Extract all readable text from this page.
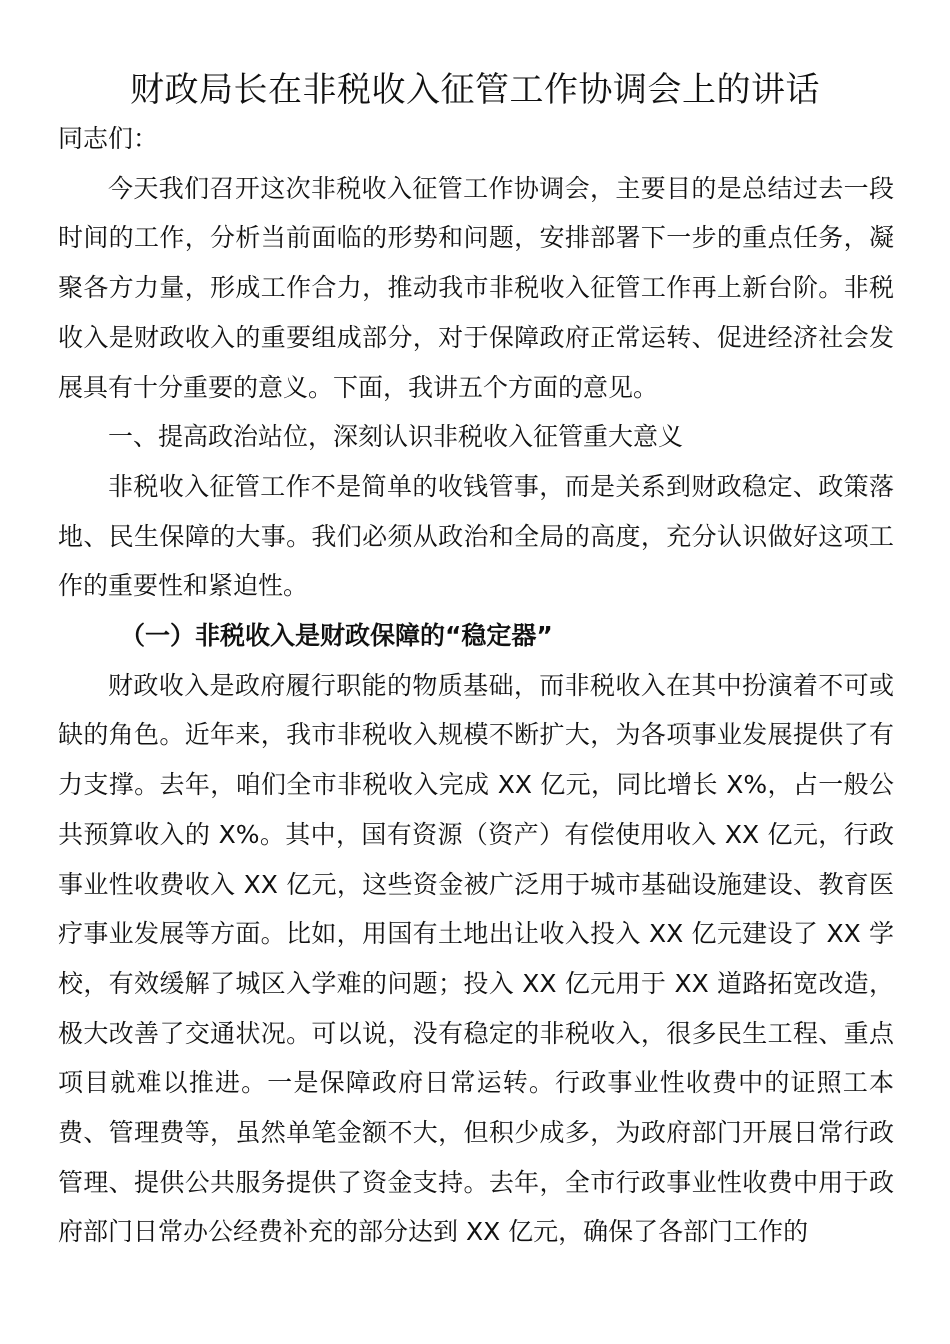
财政局长在非税收入征管工作协调会上的讲话

同志们：

今天我们召开这次非税收入征管工作协调会，主要目的是总结过去一段时间的工作，分析当前面临的形势和问题，安排部署下一步的重点任务，凝聚各方力量，形成工作合力，推动我市非税收入征管工作再上新台阶。非税收入是财政收入的重要组成部分，对于保障政府正常运转、促进经济社会发展具有十分重要的意义。下面，我讲五个方面的意见。

一、提高政治站位，深刻认识非税收入征管重大意义

非税收入征管工作不是简单的收钱管事，而是关系到财政稳定、政策落地、民生保障的大事。我们必须从政治和全局的高度，充分认识做好这项工作的重要性和紧迫性。

（一）非税收入是财政保障的“稳定器”

财政收入是政府履行职能的物质基础，而非税收入在其中扮演着不可或缺的角色。近年来，我市非税收入规模不断扩大，为各项事业发展提供了有力支撑。去年，咱们全市非税收入完成 XX 亿元，同比增长 X%，占一般公共预算收入的 X%。其中，国有资源（资产）有偿使用收入 XX 亿元，行政事业性收费收入 XX 亿元，这些资金被广泛用于城市基础设施建设、教育医疗事业发展等方面。比如，用国有土地出让收入投入 XX 亿元建设了 XX 学校，有效缓解了城区入学难的问题；投入 XX 亿元用于 XX 道路拓宽改造，极大改善了交通状况。可以说，没有稳定的非税收入，很多民生工程、重点项目就难以推进。一是保障政府日常运转。行政事业性收费中的证照工本费、管理费等，虽然单笔金额不大，但积少成多，为政府部门开展日常行政管理、提供公共服务提供了资金支持。去年，全市行政事业性收费中用于政府部门日常办公经费补充的部分达到 XX 亿元，确保了各部门工作的
